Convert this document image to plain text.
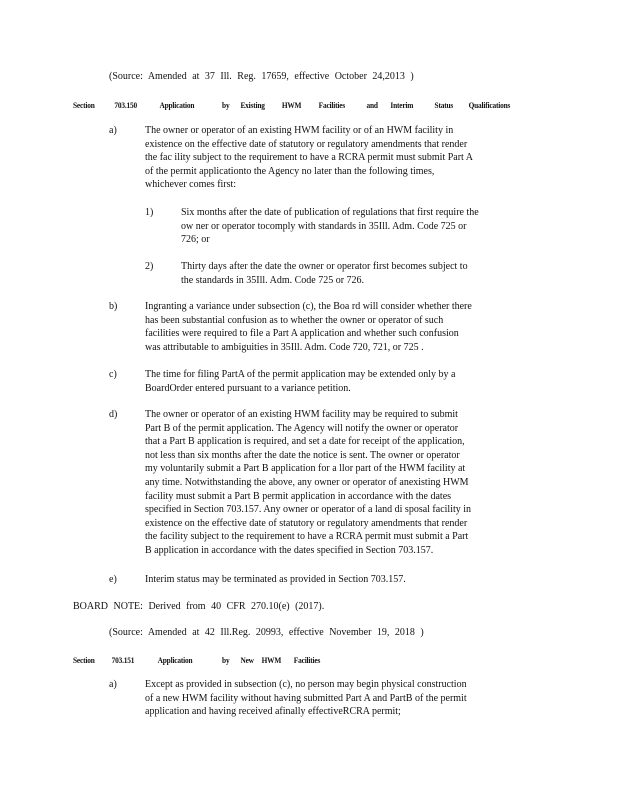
(Source: Amended at 37 Ill. Reg. 17659, effective October 24,2013 )
Section 703.150	Application	by Existing HWM Facilities	and Interim	Status Qualifications
a)	The owner or operator of an existing HWM facility or of an HWM facility in
existence on the effective date of statutory or regulatory amendments that render
the fac ility subject to the requirement to have a RCRA permit must submit Part A
of the permit applicationto the Agency no later than the following times,
whichever comes first:
1)	Six months after the date of publication of regulations that first require the
ow ner or operator tocomply with standards in 35Ill. Adm. Code 725 or
726; or
2)	Thirty days after the date the owner or operator first becomes subject to
the standards in 35Ill. Adm. Code 725 or 726.
b)	Ingranting a variance under subsection (c), the Boa rd will consider whether there
has been substantial confusion as to whether the owner or operator of such
facilities were required to file a Part A application and whether such confusion
was attributable to ambiguities in 35Ill. Adm. Code 720, 721, or 725 .
c)	The time for filing PartA of the permit application may be extended only by a
BoardOrder entered pursuant to a variance petition.
d)	The owner or operator of an existing HWM facility may be required to submit
Part B of the permit application. The Agency will notify the owner or operator
that a Part B application is required, and set a date for receipt of the application,
not less than six months after the date the notice is sent. The owner or operator
my voluntarily submit a Part B application for a llor part of the HWM facility at
any time. Notwithstanding the above, any owner or operator of anexisting HWM
facility must submit a Part B permit application in accordance with the dates
specified in Section 703.157. Any owner or operator of a land di sposal facility in
existence on the effective date of statutory or regulatory amendments that render
the facility subject to the requirement to have a RCRA permit must submit a Part
B application in accordance with the dates specified in Section 703.157.
e)	Interim status may be terminated as provided in Section 703.157.
BOARD NOTE: Derived from 40 CFR 270.10(e) (2017).
(Source: Amended at 42 Ill.Reg. 20993, effective November 19, 2018 )
Section 703.151	Application	by New HWM Facilities
a)	Except as provided in subsection (c), no person may begin physical construction
of a new HWM facility without having submitted Part A and PartB of the permit
application and having received afinally effectiveRCRA permit;
